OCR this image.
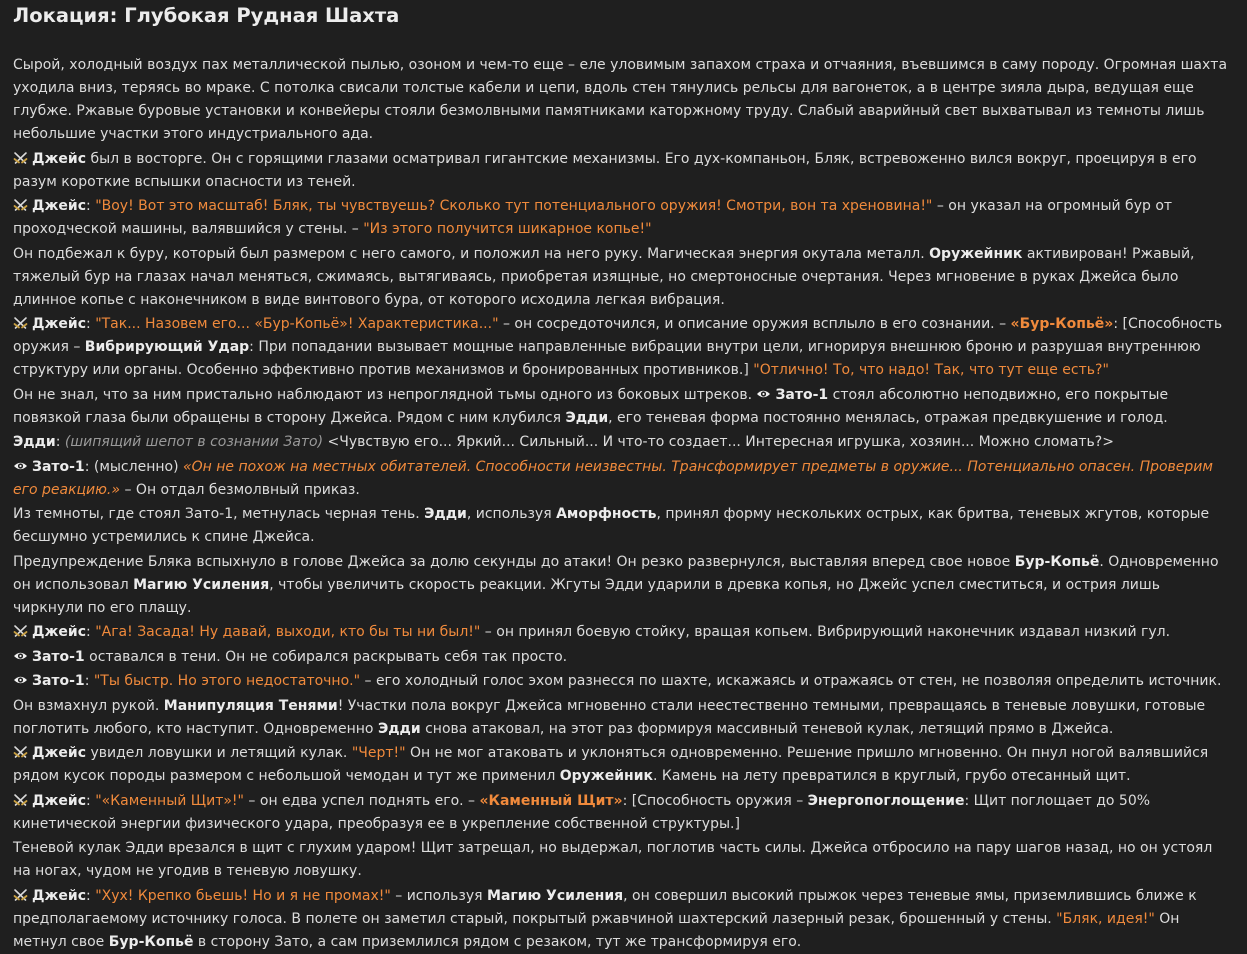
Локация: Глубокая Рудная Шахта
Сырой, холодный воздух пах металлической пылью, озоном и чем-то еще – еле уловимым запахом страха и отчаяния, въевшимся в саму породу. Огромная шахта уходила вниз, теряясь во мраке. С потолка свисали толстые кабели и цепи, вдоль стен тянулись рельсы для вагонеток, а в центре зияла дыра, ведущая еще глубже. Ржавые буровые установки и конвейеры стояли безмолвными памятниками каторжному труду. Слабый аварийный свет выхватывал из темноты лишь небольшие участки этого индустриального ада.
Джейс был в восторге. Он с горящими глазами осматривал гигантские механизмы. Его дух-компаньон, Бляк, встревоженно вился вокруг, проецируя в его разум короткие вспышки опасности из теней.
Джейс: "Воу! Вот это масштаб! Бляк, ты чувствуешь? Сколько тут потенциального оружия! Смотри, вон та хреновина!" – он указал на огромный бур от проходческой машины, валявшийся у стены. – "Из этого получится шикарное копье!"
Он подбежал к буру, который был размером с него самого, и положил на него руку. Магическая энергия окутала металл. Оружейник активирован! Ржавый, тяжелый бур на глазах начал меняться, сжимаясь, вытягиваясь, приобретая изящные, но смертоносные очертания. Через мгновение в руках Джейса было длинное копье с наконечником в виде винтового бура, от которого исходила легкая вибрация.
Джейс: "Так... Назовем его... «Бур-Копьё»! Характеристика..." – он сосредоточился, и описание оружия всплыло в его сознании. – «Бур-Копьё»: [Способность оружия – Вибрирующий Удар: При попадании вызывает мощные направленные вибрации внутри цели, игнорируя внешнюю броню и разрушая внутреннюю структуру или органы. Особенно эффективно против механизмов и бронированных противников.] "Отлично! То, что надо! Так, что тут еще есть?"
Он не знал, что за ним пристально наблюдают из непроглядной тьмы одного из боковых штреков.
Зато-1 стоял абсолютно неподвижно, его покрытые повязкой глаза были обращены в сторону Джейса. Рядом с ним клубился Эдди, его теневая форма постоянно менялась, отражая предвкушение и голод.
Эдди: (шипящий шепот в сознании Зато) <Чувствую его... Яркий... Сильный... И что-то создает... Интересная игрушка, хозяин... Можно сломать?>
Зато-1: (мысленно) «Он не похож на местных обитателей. Способности неизвестны. Трансформирует предметы в оружие... Потенциально опасен. Проверим его реакцию.» – Он отдал безмолвный приказ.
Из темноты, где стоял Зато-1, метнулась черная тень. Эдди, используя Аморфность, принял форму нескольких острых, как бритва, теневых жгутов, которые бесшумно устремились к спине Джейса.
Предупреждение Бляка вспыхнуло в голове Джейса за долю секунды до атаки! Он резко развернулся, выставляя вперед свое новое Бур-Копьё. Одновременно он использовал Магию Усиления, чтобы увеличить скорость реакции. Жгуты Эдди ударили в древка копья, но Джейс успел сместиться, и острия лишь чиркнули по его плащу.
Джейс: "Ага! Засада! Ну давай, выходи, кто бы ты ни был!" – он принял боевую стойку, вращая копьем. Вибрирующий наконечник издавал низкий гул.
Зато-1 оставался в тени. Он не собирался раскрывать себя так просто.
Зато-1: "Ты быстр. Но этого недостаточно." – его холодный голос эхом разнесся по шахте, искажаясь и отражаясь от стен, не позволяя определить источник.
Он взмахнул рукой. Манипуляция Тенями! Участки пола вокруг Джейса мгновенно стали неестественно темными, превращаясь в теневые ловушки, готовые поглотить любого, кто наступит. Одновременно Эдди снова атаковал, на этот раз формируя массивный теневой кулак, летящий прямо в Джейса.
Джейс увидел ловушки и летящий кулак. "Черт!" Он не мог атаковать и уклоняться одновременно. Решение пришло мгновенно. Он пнул ногой валявшийся рядом кусок породы размером с небольшой чемодан и тут же применил Оружейник. Камень на лету превратился в круглый, грубо отесанный щит.
Джейс: "«Каменный Щит»!" – он едва успел поднять его. – «Каменный Щит»: [Способность оружия – Энергопоглощение: Щит поглощает до 50% кинетической энергии физического удара, преобразуя ее в укрепление собственной структуры.]
Теневой кулак Эдди врезался в щит с глухим ударом! Щит затрещал, но выдержал, поглотив часть силы. Джейса отбросило на пару шагов назад, но он устоял на ногах, чудом не угодив в теневую ловушку.
Джейс: "Хух! Крепко бьешь! Но и я не промах!" – используя Магию Усиления, он совершил высокий прыжок через теневые ямы, приземлившись ближе к предполагаемому источнику голоса. В полете он заметил старый, покрытый ржавчиной шахтерский лазерный резак, брошенный у стены. "Бляк, идея!" Он метнул свое Бур-Копьё в сторону Зато, а сам приземлился рядом с резаком, тут же трансформируя его.
